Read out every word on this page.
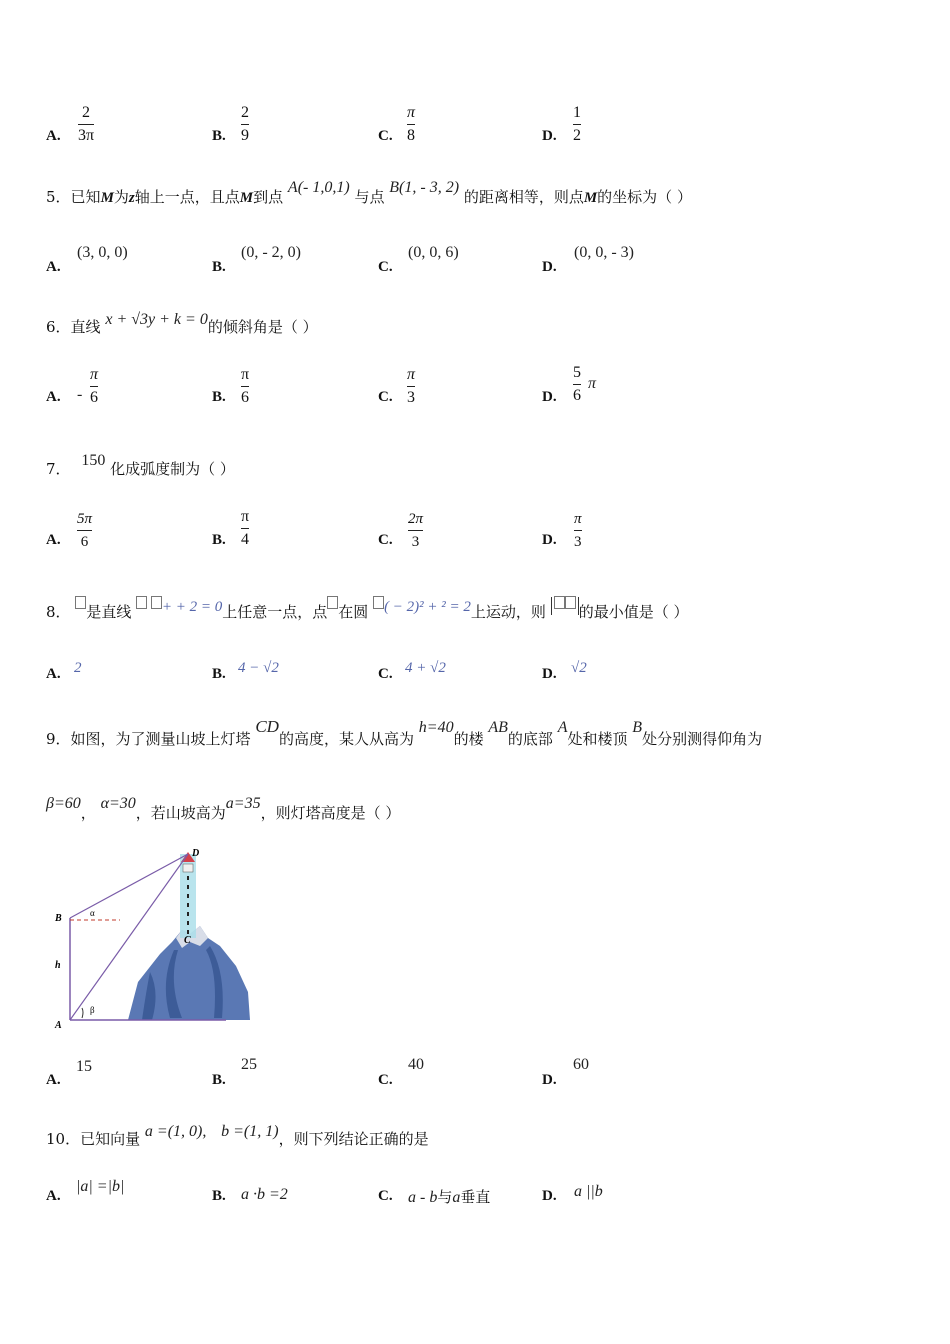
A.
2
3π	B.
2
9	C.
π
8	D.
1
2
5．已知M为z轴上一点，且点M到点 A(- 1,0,1) 与点 B(1, - 3, 2) 的距离相等，则点M的坐标为（ ）
A.
(3, 0, 0)
B.
(0, - 2, 0)
C.
(0, 0, 6)
D.
(0, 0, - 3)
6．直线 x + √3y + k = 0的倾斜角是（ ）
A. -
π
6	B.
π
6	C.
π
3	D.
5
6
π
7． 150 化成弧度制为（ ）
A.
5π
6	B.
π
4	C.
2π
3	D.
π
3
8． 是直线 + + 2 = 0上任意一点，点 在圆 ( − 2)² + ² = 2上运动，则 的最小值是（ ）
A. 2	B. 4 − √2	C. 4 + √2	D. √2
9．如图，为了测量山坡上灯塔 CD的高度，某人从高为 h=40的楼 AB的底部 A处和楼顶 B处分别测得仰角为
β=60， α=30，若山坡高为a=35，则灯塔高度是（ ）
D
B	α
h
C
β
A
A.
15
B.
25
C.
40
D.
60
10．已知向量 a =(1, 0), b =(1, 1)，则下列结论正确的是
A.
|a| =|b|
B. a ·b =2	C. a - b与a垂直	D. a ||b
